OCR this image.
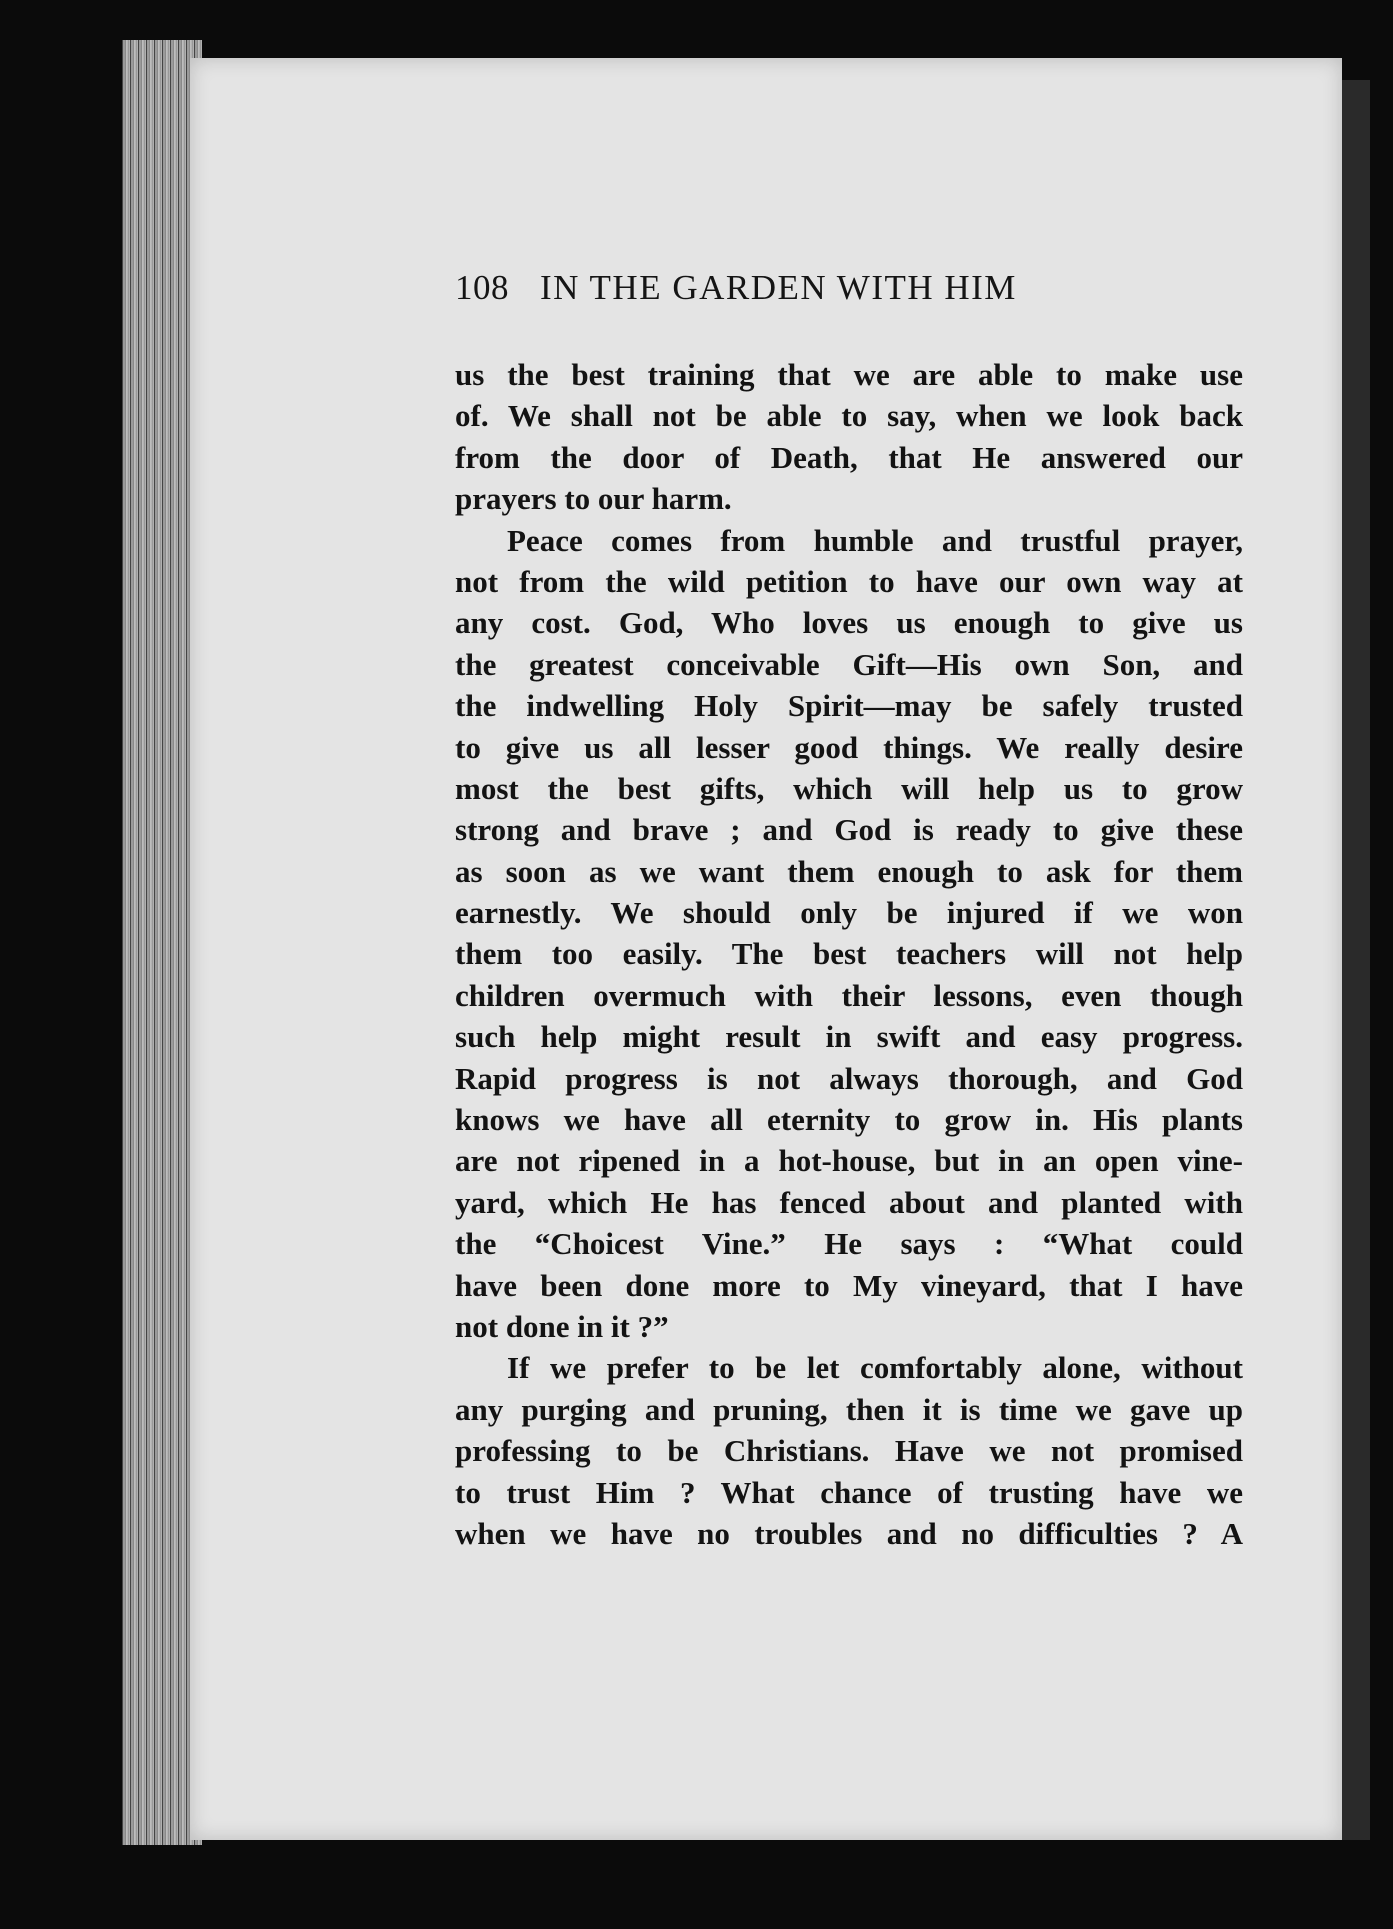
108 IN THE GARDEN WITH HIM
us the best training that we are able to make use
of. We shall not be able to say, when we look back
from the door of Death, that He answered our
prayers to our harm.
Peace comes from humble and trustful prayer,
not from the wild petition to have our own way at
any cost. God, Who loves us enough to give us
the greatest conceivable Gift—His own Son, and
the indwelling Holy Spirit—may be safely trusted
to give us all lesser good things. We really desire
most the best gifts, which will help us to grow
strong and brave ; and God is ready to give these
as soon as we want them enough to ask for them
earnestly. We should only be injured if we won
them too easily. The best teachers will not help
children overmuch with their lessons, even though
such help might result in swift and easy progress.
Rapid progress is not always thorough, and God
knows we have all eternity to grow in. His plants
are not ripened in a hot-house, but in an open vine-
yard, which He has fenced about and planted with
the “Choicest Vine.” He says : “What could
have been done more to My vineyard, that I have
not done in it ?”
If we prefer to be let comfortably alone, without
any purging and pruning, then it is time we gave up
professing to be Christians. Have we not promised
to trust Him ? What chance of trusting have we
when we have no troubles and no difficulties ? A
